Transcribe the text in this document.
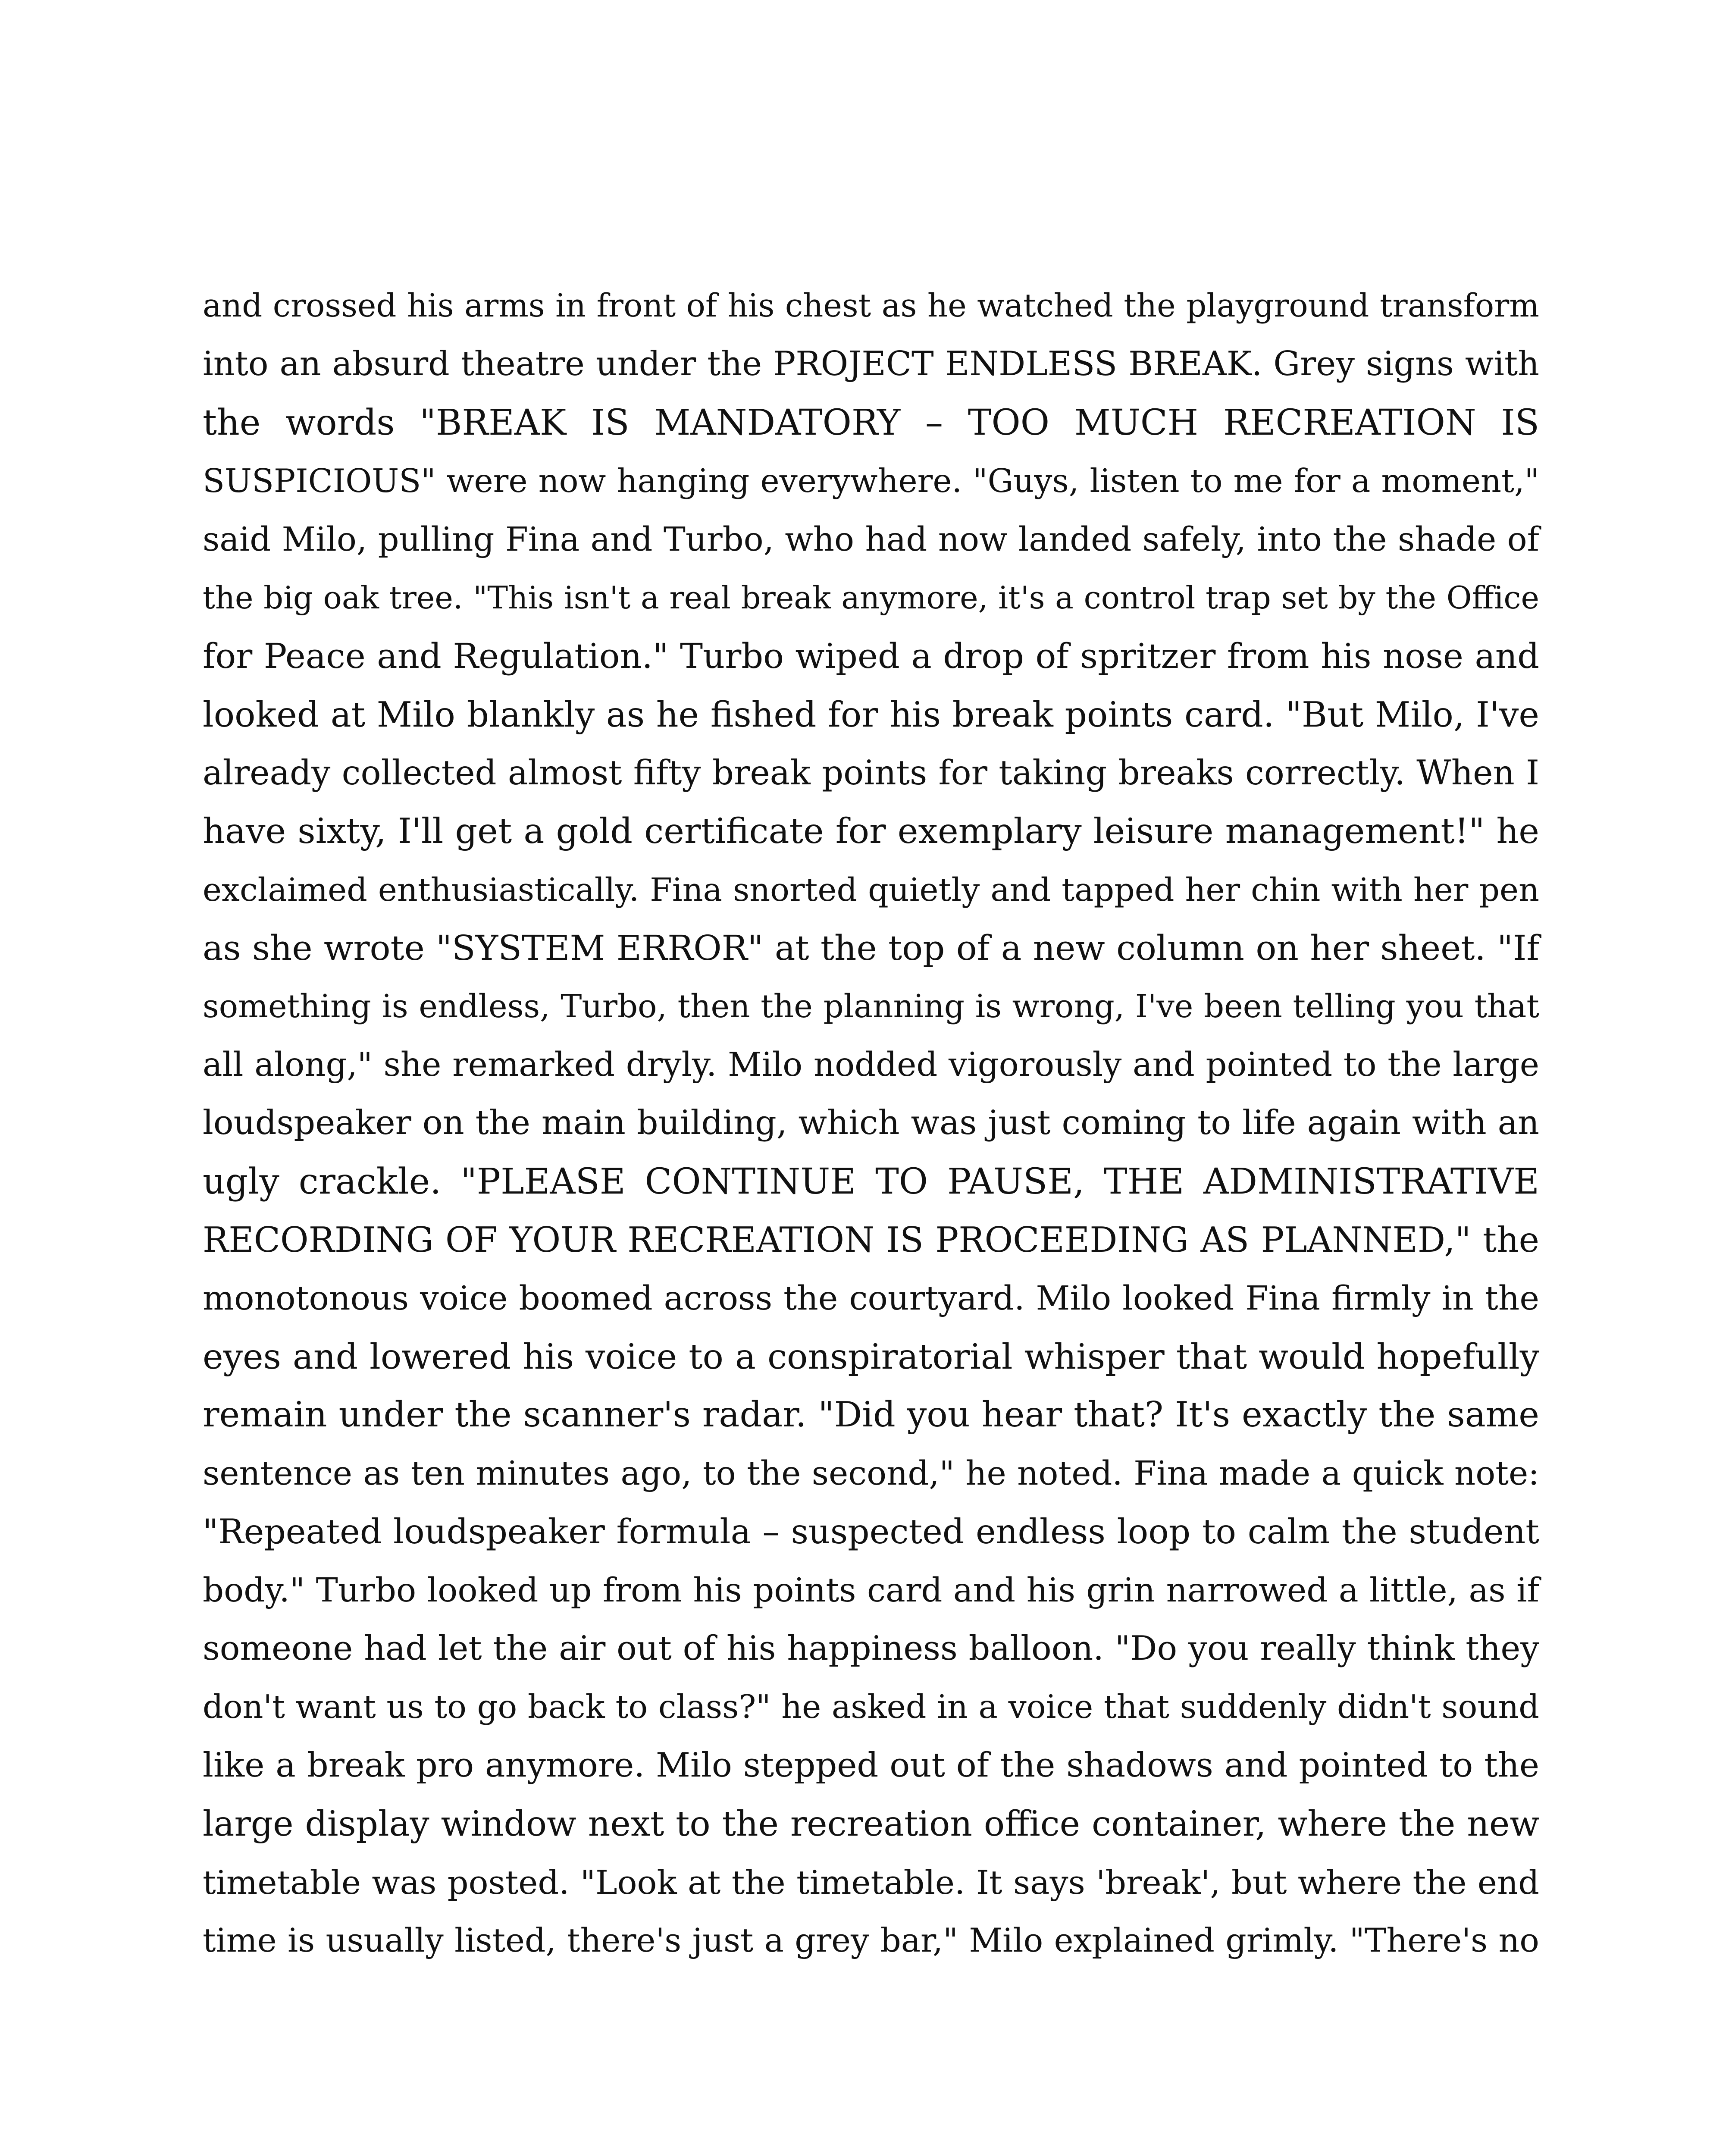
and crossed his arms in front of his chest as he watched the playground transform
into an absurd theatre under the PROJECT ENDLESS BREAK. Grey signs with
the words "BREAK IS MANDATORY – TOO MUCH RECREATION IS
SUSPICIOUS" were now hanging everywhere. "Guys, listen to me for a moment,"
said Milo, pulling Fina and Turbo, who had now landed safely, into the shade of
the big oak tree. "This isn't a real break anymore, it's a control trap set by the Office
for Peace and Regulation." Turbo wiped a drop of spritzer from his nose and
looked at Milo blankly as he fished for his break points card. "But Milo, I've
already collected almost fifty break points for taking breaks correctly. When I
have sixty, I'll get a gold certificate for exemplary leisure management!" he
exclaimed enthusiastically. Fina snorted quietly and tapped her chin with her pen
as she wrote "SYSTEM ERROR" at the top of a new column on her sheet. "If
something is endless, Turbo, then the planning is wrong, I've been telling you that
all along," she remarked dryly. Milo nodded vigorously and pointed to the large
loudspeaker on the main building, which was just coming to life again with an
ugly crackle. "PLEASE CONTINUE TO PAUSE, THE ADMINISTRATIVE
RECORDING OF YOUR RECREATION IS PROCEEDING AS PLANNED," the
monotonous voice boomed across the courtyard. Milo looked Fina firmly in the
eyes and lowered his voice to a conspiratorial whisper that would hopefully
remain under the scanner's radar. "Did you hear that? It's exactly the same
sentence as ten minutes ago, to the second," he noted. Fina made a quick note:
"Repeated loudspeaker formula – suspected endless loop to calm the student
body." Turbo looked up from his points card and his grin narrowed a little, as if
someone had let the air out of his happiness balloon. "Do you really think they
don't want us to go back to class?" he asked in a voice that suddenly didn't sound
like a break pro anymore. Milo stepped out of the shadows and pointed to the
large display window next to the recreation office container, where the new
timetable was posted. "Look at the timetable. It says 'break', but where the end
time is usually listed, there's just a grey bar," Milo explained grimly. "There's no
